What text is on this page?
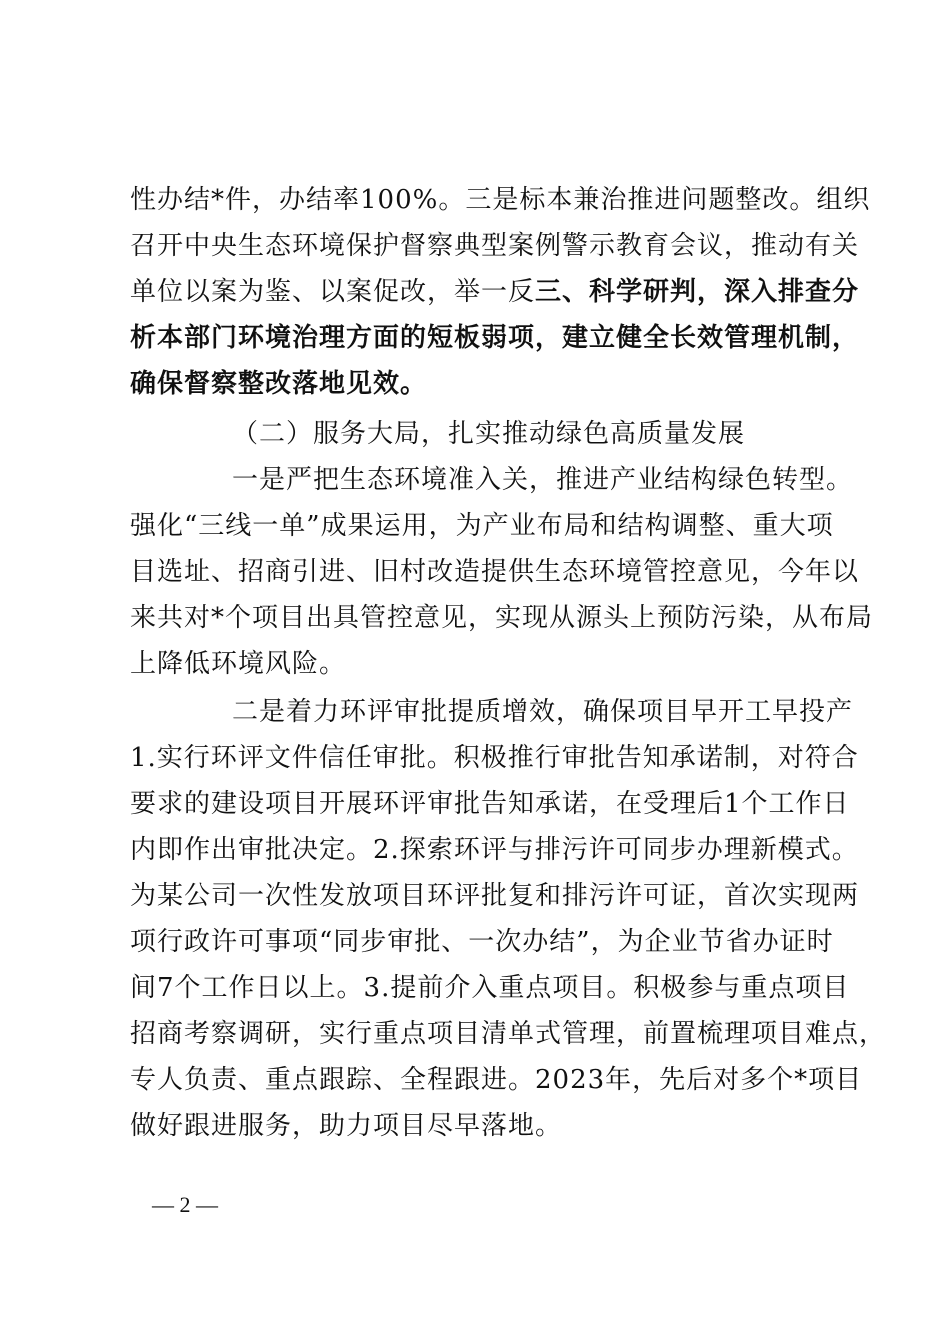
性办结*件，办结率100%。三是标本兼治推进问题整改。组织
召开中央生态环境保护督察典型案例警示教育会议，推动有关
单位以案为鉴、以案促改，举一反三、科学研判，深入排查分
析本部门环境治理方面的短板弱项，建立健全长效管理机制，
确保督察整改落地见效。
（二）服务大局，扎实推动绿色高质量发展
一是严把生态环境准入关，推进产业结构绿色转型。
强化“三线一单”成果运用，为产业布局和结构调整、重大项
目选址、招商引进、旧村改造提供生态环境管控意见，今年以
来共对*个项目出具管控意见，实现从源头上预防污染，从布局
上降低环境风险。
二是着力环评审批提质增效，确保项目早开工早投产
1.实行环评文件信任审批。积极推行审批告知承诺制，对符合
要求的建设项目开展环评审批告知承诺，在受理后1个工作日
内即作出审批决定。2.探索环评与排污许可同步办理新模式。
为某公司一次性发放项目环评批复和排污许可证，首次实现两
项行政许可事项“同步审批、一次办结”，为企业节省办证时
间7个工作日以上。3.提前介入重点项目。积极参与重点项目
招商考察调研，实行重点项目清单式管理，前置梳理项目难点，
专人负责、重点跟踪、全程跟进。2023年，先后对多个*项目
做好跟进服务，助力项目尽早落地。
— 2 —
